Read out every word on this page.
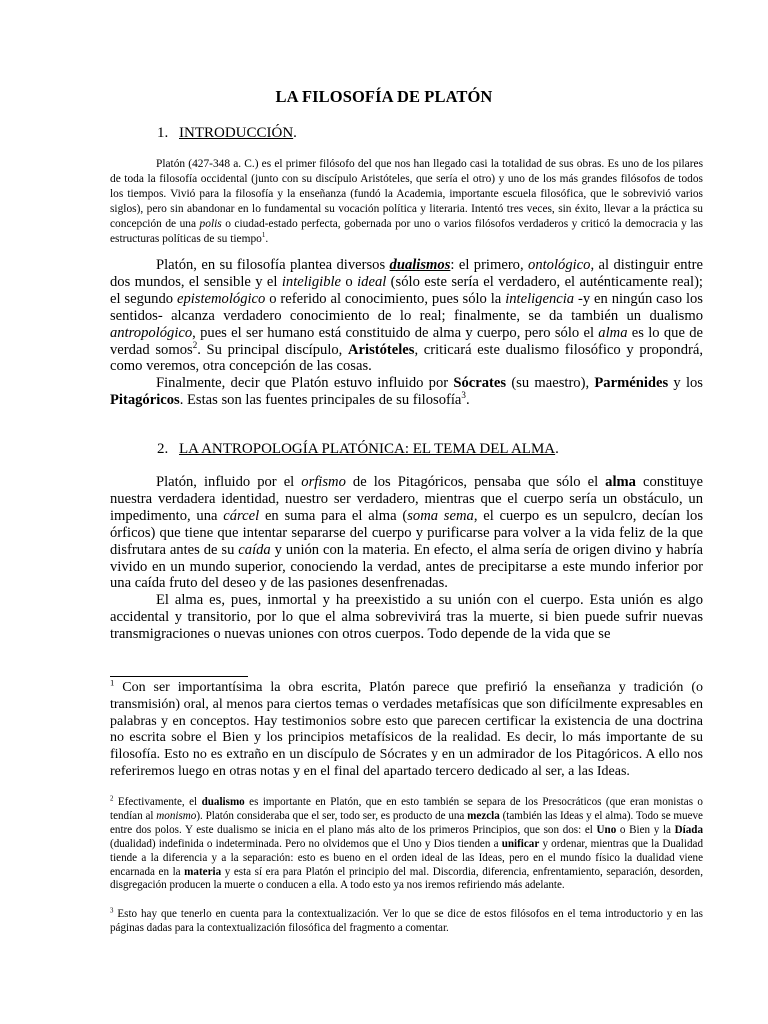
LA FILOSOFÍA DE PLATÓN
1. INTRODUCCIÓN.

Platón (427-348 a. C.) es el primer filósofo del que nos han llegado casi la totalidad de sus obras. Es uno de los pilares de toda la filosofía occidental (junto con su discípulo Aristóteles, que sería el otro) y uno de los más grandes filósofos de todos los tiempos. Vivió para la filosofía y la enseñanza (fundó la Academia, importante escuela filosófica, que le sobrevivió varios siglos), pero sin abandonar en lo fundamental su vocación política y literaria. Intentó tres veces, sin éxito, llevar a la práctica su concepción de una polis o ciudad-estado perfecta, gobernada por uno o varios filósofos verdaderos y criticó la democracia y las estructuras políticas de su tiempo$^1$.

Platón, en su filosofía plantea diversos dualismos: el primero, ontológico, al distinguir entre dos mundos, el sensible y el inteligible o ideal (sólo este sería el verdadero, el auténticamente real); el segundo epistemológico o referido al conocimiento, pues sólo la inteligencia -y en ningún caso los sentidos- alcanza verdadero conocimiento de lo real; finalmente, se da también un dualismo antropológico, pues el ser humano está constituido de alma y cuerpo, pero sólo el alma es lo que de verdad somos$^2$. Su principal discípulo, Aristóteles, criticará este dualismo filosófico y propondrá, como veremos, otra concepción de las cosas.

Finalmente, decir que Platón estuvo influido por Sócrates (su maestro), Parménides y los Pitagóricos. Estas son las fuentes principales de su filosofía$^3$.

2. LA ANTROPOLOGÍA PLATÓNICA: EL TEMA DEL ALMA.

Platón, influido por el orfismo de los Pitagóricos, pensaba que sólo el alma constituye nuestra verdadera identidad, nuestro ser verdadero, mientras que el cuerpo sería un obstáculo, un impedimento, una cárcel en suma para el alma (soma sema, el cuerpo es un sepulcro, decían los órficos) que tiene que intentar separarse del cuerpo y purificarse para volver a la vida feliz de la que disfrutara antes de su caída y unión con la materia. En efecto, el alma sería de origen divino y habría vivido en un mundo superior, conociendo la verdad, antes de precipitarse a este mundo inferior por una caída fruto del deseo y de las pasiones desenfrenadas.

El alma es, pues, inmortal y ha preexistido a su unión con el cuerpo. Esta unión es algo accidental y transitorio, por lo que el alma sobrevivirá tras la muerte, si bien puede sufrir nuevas transmigraciones o nuevas uniones con otros cuerpos. Todo depende de la vida que se

$^1$ Con ser importantísima la obra escrita, Platón parece que prefirió la enseñanza y tradición (o transmisión) oral, al menos para ciertos temas o verdades metafísicas que son difícilmente expresables en palabras y en conceptos. Hay testimonios sobre esto que parecen certificar la existencia de una doctrina no escrita sobre el Bien y los principios metafísicos de la realidad. Es decir, lo más importante de su filosofía. Esto no es extraño en un discípulo de Sócrates y en un admirador de los Pitagóricos. A ello nos referiremos luego en otras notas y en el final del apartado tercero dedicado al ser, a las Ideas.

$^2$ Efectivamente, el dualismo es importante en Platón, que en esto también se separa de los Presocráticos (que eran monistas o tendían al monismo). Platón consideraba que el ser, todo ser, es producto de una mezcla (también las Ideas y el alma). Todo se mueve entre dos polos. Y este dualismo se inicia en el plano más alto de los primeros Principios, que son dos: el Uno o Bien y la Díada (dualidad) indefinida o indeterminada. Pero no olvidemos que el Uno y Dios tienden a unificar y ordenar, mientras que la Dualidad tiende a la diferencia y a la separación: esto es bueno en el orden ideal de las Ideas, pero en el mundo físico la dualidad viene encarnada en la materia y esta sí era para Platón el principio del mal. Discordia, diferencia, enfrentamiento, separación, desorden, disgregación producen la muerte o conducen a ella. A todo esto ya nos iremos refiriendo más adelante.

$^3$ Esto hay que tenerlo en cuenta para la contextualización. Ver lo que se dice de estos filósofos en el tema introductorio y en las páginas dadas para la contextualización filosófica del fragmento a comentar.
